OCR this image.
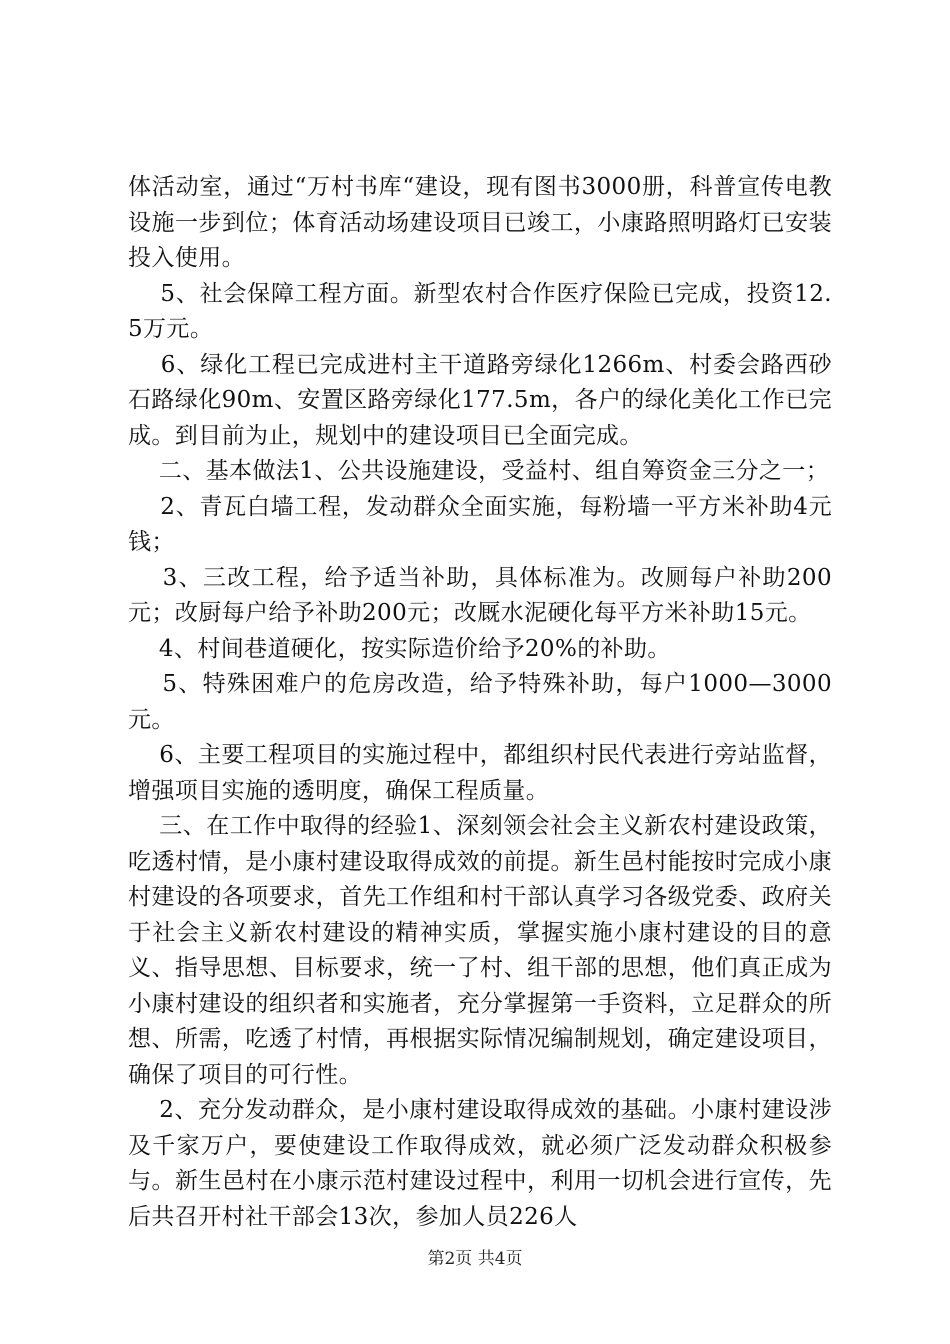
体活动室，通过“万村书库“建设，现有图书3000册，科普宣传电教设施一步到位；体育活动场建设项目已竣工，小康路照明路灯已安装投入使用。

5、社会保障工程方面。新型农村合作医疗保险已完成，投资12.5万元。

6、绿化工程已完成进村主干道路旁绿化1266m、村委会路西砂石路绿化90m、安置区路旁绿化177.5m，各户的绿化美化工作已完成。到目前为止，规划中的建设项目已全面完成。

二、基本做法1、公共设施建设，受益村、组自筹资金三分之一；

2、青瓦白墙工程，发动群众全面实施，每粉墙一平方米补助4元钱；

3、三改工程，给予适当补助，具体标准为。改厕每户补助200元；改厨每户给予补助200元；改厩水泥硬化每平方米补助15元。

4、村间巷道硬化，按实际造价给予20%的补助。

5、特殊困难户的危房改造，给予特殊补助，每户1000—3000元。

6、主要工程项目的实施过程中，都组织村民代表进行旁站监督，增强项目实施的透明度，确保工程质量。

三、在工作中取得的经验1、深刻领会社会主义新农村建设政策，吃透村情，是小康村建设取得成效的前提。新生邑村能按时完成小康村建设的各项要求，首先工作组和村干部认真学习各级党委、政府关于社会主义新农村建设的精神实质，掌握实施小康村建设的目的意义、指导思想、目标要求，统一了村、组干部的思想，他们真正成为小康村建设的组织者和实施者，充分掌握第一手资料，立足群众的所想、所需，吃透了村情，再根据实际情况编制规划，确定建设项目，确保了项目的可行性。

2、充分发动群众，是小康村建设取得成效的基础。小康村建设涉及千家万户，要使建设工作取得成效，就必须广泛发动群众积极参与。新生邑村在小康示范村建设过程中，利用一切机会进行宣传，先后共召开村社干部会13次，参加人员226人

第2页 共4页
